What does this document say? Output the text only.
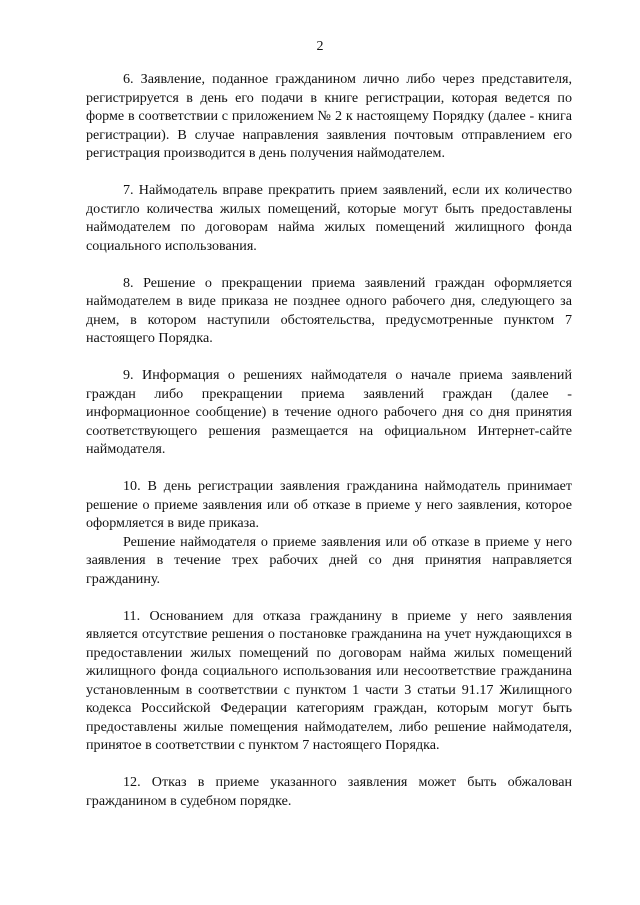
2

6. Заявление, поданное гражданином лично либо через представителя, регистрируется в день его подачи в книге регистрации, которая ведется по форме в соответствии с приложением № 2 к настоящему Порядку (далее - книга регистрации). В случае направления заявления почтовым отправлением его регистрация производится в день получения наймодателем.

7. Наймодатель вправе прекратить прием заявлений, если их количество достигло количества жилых помещений, которые могут быть предоставлены наймодателем по договорам найма жилых помещений жилищного фонда социального использования.

8. Решение о прекращении приема заявлений граждан оформляется наймодателем в виде приказа не позднее одного рабочего дня, следующего за днем, в котором наступили обстоятельства, предусмотренные пунктом 7 настоящего Порядка.

9. Информация о решениях наймодателя о начале приема заявлений граждан либо прекращении приема заявлений граждан (далее - информационное сообщение) в течение одного рабочего дня со дня принятия соответствующего решения размещается на официальном Интернет-сайте наймодателя.

10. В день регистрации заявления гражданина наймодатель принимает решение о приеме заявления или об отказе в приеме у него заявления, которое оформляется в виде приказа.

Решение наймодателя о приеме заявления или об отказе в приеме у него заявления в течение трех рабочих дней со дня принятия направляется гражданину.

11. Основанием для отказа гражданину в приеме у него заявления является отсутствие решения о постановке гражданина на учет нуждающихся в предоставлении жилых помещений по договорам найма жилых помещений жилищного фонда социального использования или несоответствие гражданина установленным в соответствии с пунктом 1 части 3 статьи 91.17 Жилищного кодекса Российской Федерации категориям граждан, которым могут быть предоставлены жилые помещения наймодателем, либо решение наймодателя, принятое в соответствии с пунктом 7 настоящего Порядка.

12. Отказ в приеме указанного заявления может быть обжалован гражданином в судебном порядке.
